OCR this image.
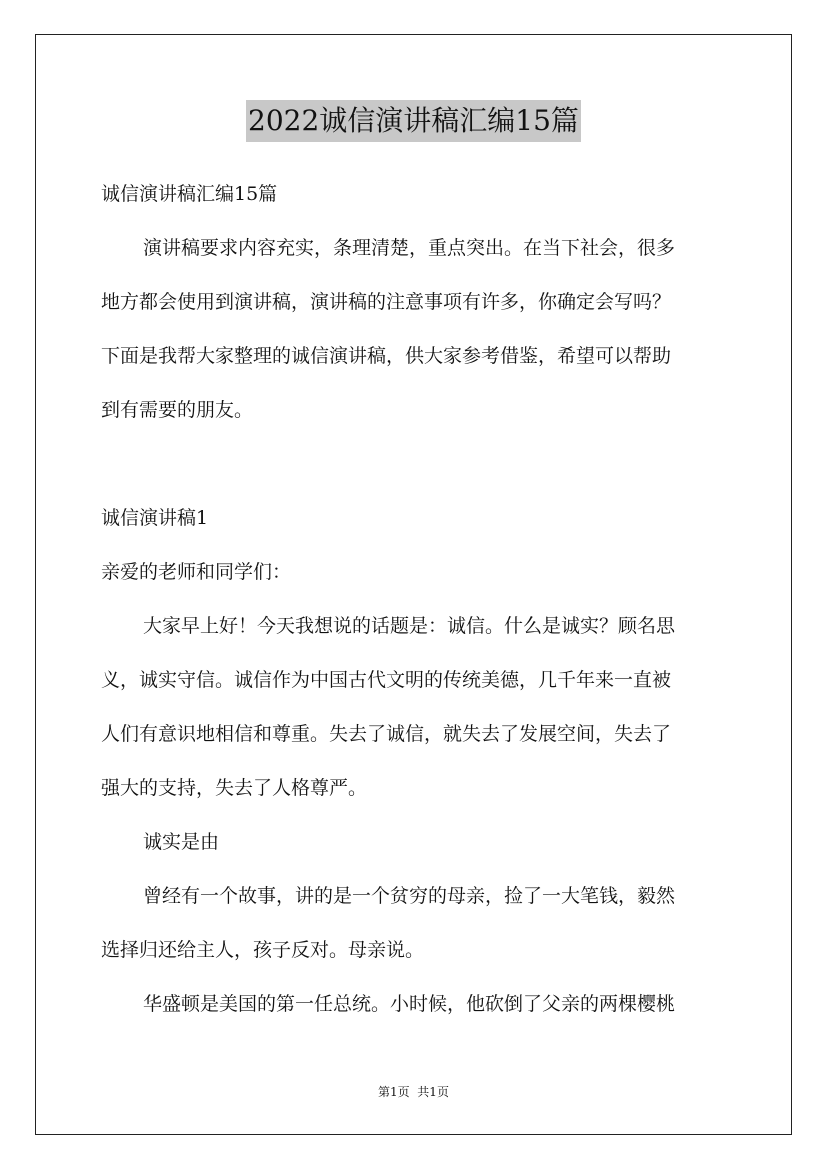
2022诚信演讲稿汇编15篇
诚信演讲稿汇编15篇
演讲稿要求内容充实，条理清楚，重点突出。在当下社会，很多
地方都会使用到演讲稿，演讲稿的注意事项有许多，你确定会写吗？
下面是我帮大家整理的诚信演讲稿，供大家参考借鉴，希望可以帮助
到有需要的朋友。
诚信演讲稿1
亲爱的老师和同学们：
大家早上好！今天我想说的话题是：诚信。什么是诚实？顾名思
义，诚实守信。诚信作为中国古代文明的传统美德，几千年来一直被
人们有意识地相信和尊重。失去了诚信，就失去了发展空间，失去了
强大的支持，失去了人格尊严。
诚实是由
曾经有一个故事，讲的是一个贫穷的母亲，捡了一大笔钱，毅然
选择归还给主人，孩子反对。母亲说。
华盛顿是美国的第一任总统。小时候，他砍倒了父亲的两棵樱桃
第1页  共1页
